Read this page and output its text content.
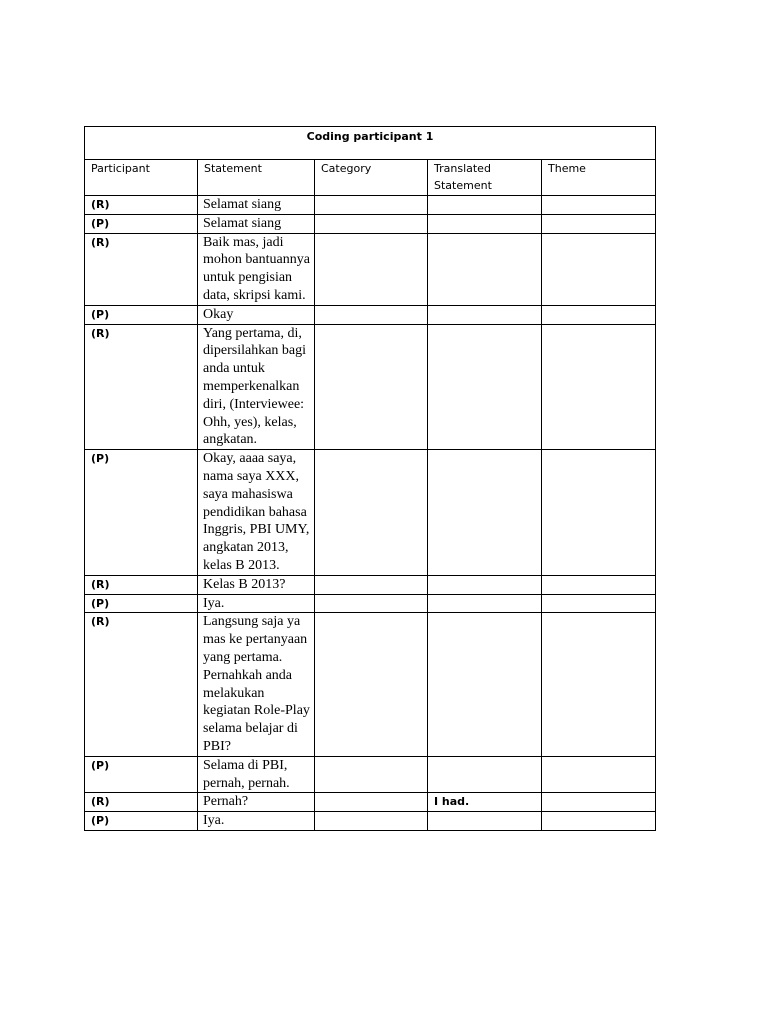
Coding participant 1				
Participant	Statement	Category	Translated Statement	Theme
(R)	Selamat siang			
(P)	Selamat siang			
(R)	Baik mas, jadi mohon bantuannya untuk pengisian data, skripsi kami.			
(P)	Okay			
(R)	Yang pertama, di, dipersilahkan bagi anda untuk memperkenalkan diri, (Interviewee: Ohh, yes), kelas, angkatan.			
(P)	Okay, aaaa saya, nama saya XXX, saya mahasiswa pendidikan bahasa Inggris, PBI UMY, angkatan 2013, kelas B 2013.			
(R)	Kelas B 2013?			
(P)	Iya.			
(R)	Langsung saja ya mas ke pertanyaan yang pertama. Pernahkah anda melakukan kegiatan Role-Play selama belajar di PBI?			
(P)	Selama di PBI, pernah, pernah.			
(R)	Pernah?		I had.	
(P)	Iya.			
